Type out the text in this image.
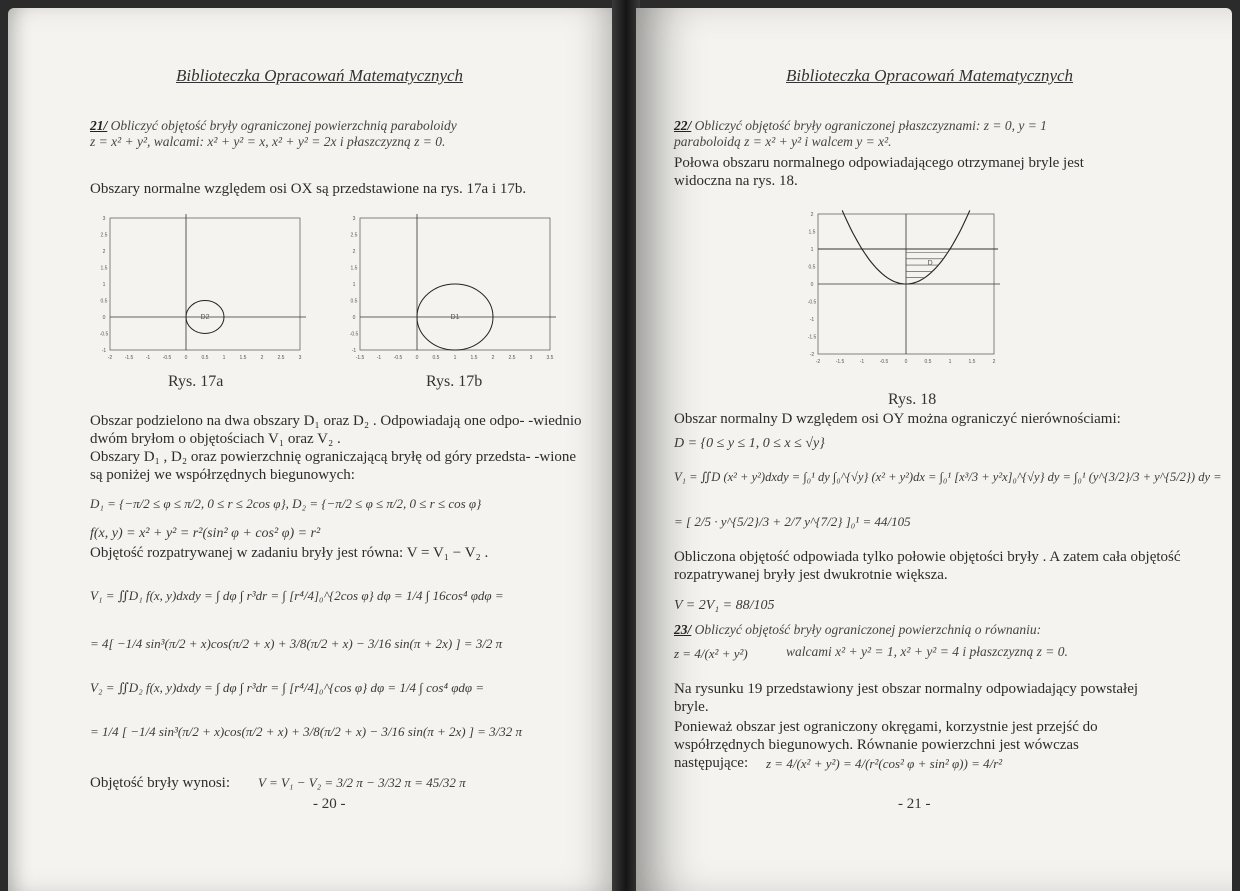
Biblioteczka Opracowań Matematycznych
21/ Obliczyć objętość bryły ograniczonej powierzchnią paraboloidy
z = x² + y², walcami: x² + y² = x, x² + y² = 2x i płaszczyzną z = 0.
Obszary normalne względem osi OX są przedstawione na rys. 17a i 17b.
D2
-2 -1.5 -1 -0.5	0	0.5	1	1.5	2	2.5	3
3
2.5
2
1.5
1
0.5
0
-0.5
-1
Rys. 17a
D1
-1.5 -1 -0.5	0	0.5	1	1.5	2	2.5	3	3.5
3
2.5
2
1.5
1
0.5
0
-0.5
-1
Rys. 17b
Obszar podzielono na dwa obszary D₁ oraz D₂ . Odpowiadają one odpo- -wiednio dwóm bryłom o objętościach V₁ oraz V₂ .
Obszary D₁ , D₂ oraz powierzchnię ograniczającą bryłę od góry przedsta- -wione są poniżej we współrzędnych biegunowych:
D₁ = {−π/2 ≤ φ ≤ π/2, 0 ≤ r ≤ 2cos φ}, D₂ = {−π/2 ≤ φ ≤ π/2, 0 ≤ r ≤ cos φ}
f(x, y) = x² + y² = r²(sin² φ + cos² φ) = r²
Objętość rozpatrywanej w zadaniu bryły jest równa: V = V₁ − V₂ .
V₁ = ∬D₁ f(x, y)dxdy = ∫ dφ ∫ r³dr = ∫ [r⁴/4]₀^{2cos φ} dφ = 1/4 ∫ 16cos⁴ φdφ =
= 4[ −1/4 sin³(π/2 + x)cos(π/2 + x) + 3/8(π/2 + x) − 3/16 sin(π + 2x) ] = 3/2 π
V₂ = ∬D₂ f(x, y)dxdy = ∫ dφ ∫ r³dr = ∫ [r⁴/4]₀^{cos φ} dφ = 1/4 ∫ cos⁴ φdφ =
= 1/4 [ −1/4 sin³(π/2 + x)cos(π/2 + x) + 3/8(π/2 + x) − 3/16 sin(π + 2x) ] = 3/32 π
Objętość bryły wynosi: V = V₁ − V₂ = 3/2 π − 3/32 π = 45/32 π
- 20 -
Biblioteczka Opracowań Matematycznych
22/ Obliczyć objętość bryły ograniczonej płaszczyznami: z = 0, y = 1
paraboloidą z = x² + y² i walcem y = x².
Połowa obszaru normalnego odpowiadającego otrzymanej bryle jest widoczna na rys. 18.
D
-2	-1.5	-1	-0.5	0	0.5	1	1.5	2
2
1.5
1
0.5
0
-0.5
-1
-1.5
-2
Rys. 18
Obszar normalny D względem osi OY można ograniczyć nierównościami:
D = {0 ≤ y ≤ 1, 0 ≤ x ≤ √y}
V₁ = ∬D (x² + y²)dxdy = ∫₀¹ dy ∫₀^{√y} (x² + y²)dx = ∫₀¹ [x³/3 + y²x]₀^{√y} dy = ∫₀¹ (y^{3/2}/3 + y^{5/2}) dy =
= [ 2/5 · y^{5/2}/3 + 2/7 y^{7/2} ]₀¹ = 44/105
Obliczona objętość odpowiada tylko połowie objętości bryły . A zatem cała objętość rozpatrywanej bryły jest dwukrotnie większa.
V = 2V₁ = 88/105
23/ Obliczyć objętość bryły ograniczonej powierzchnią o równaniu:
z = 4/(x² + y²)	walcami x² + y² = 1, x² + y² = 4 i płaszczyzną z = 0.
Na rysunku 19 przedstawiony jest obszar normalny odpowiadający powstałej bryle.
Ponieważ obszar jest ograniczony okręgami, korzystnie jest przejść do współrzędnych biegunowych. Równanie powierzchni jest wówczas
następujące: z = 4/(x² + y²) = 4/(r²(cos² φ + sin² φ)) = 4/r²
- 21 -
